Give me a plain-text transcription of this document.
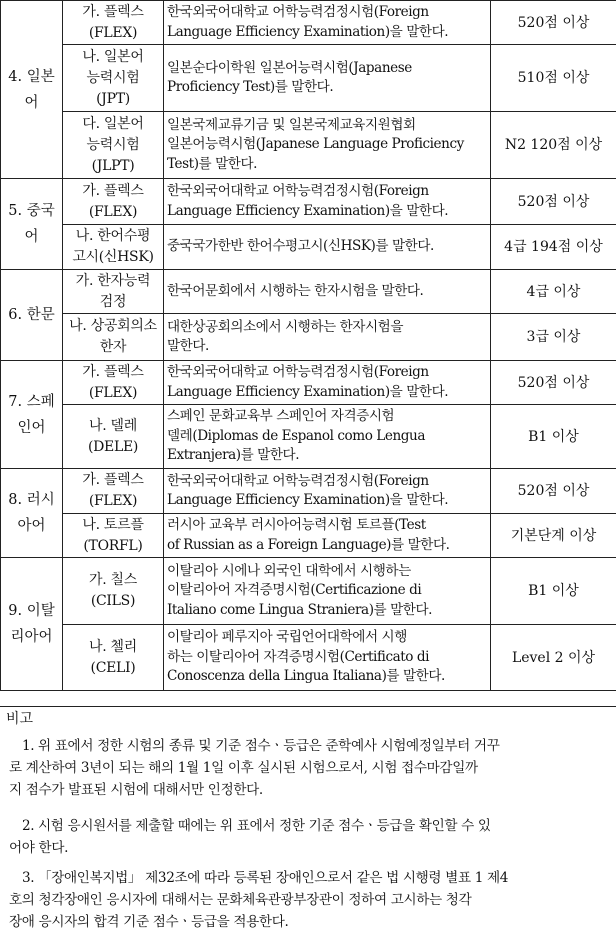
4. 일본
어	가. 플렉스
(FLEX)	한국외국어대학교 어학능력검정시험(Foreign
Language Efficiency Examination)을 말한다.	520점 이상

	나. 일본어
능력시험
(JPT)	일본순다이학원 일본어능력시험(Japanese
Proficiency Test)를 말한다.	510점 이상

	다. 일본어
능력시험
(JLPT)	일본국제교류기금 및 일본국제교육지원협회
일본어능력시험(Japanese Language Proficiency
Test)를 말한다.	N2 120점 이상

5. 중국
어	가. 플렉스
(FLEX)	한국외국어대학교 어학능력검정시험(Foreign
Language Efficiency Examination)을 말한다.	520점 이상

	나. 한어수평
고시(신HSK)	중국국가한반 한어수평고시(신HSK)를 말한다.	4급 194점 이상

6. 한문	가. 한자능력
검정	한국어문회에서 시행하는 한자시험을 말한다.	4급 이상

	나. 상공회의소
한자	대한상공회의소에서 시행하는 한자시험을
말한다.	3급 이상

7. 스페
인어	가. 플렉스
(FLEX)	한국외국어대학교 어학능력검정시험(Foreign
Language Efficiency Examination)을 말한다.	520점 이상

	나. 델레
(DELE)	스페인 문화교육부 스페인어 자격증시험
델레(Diplomas de Espanol como Lengua
Extranjera)를 말한다.	B1 이상

8. 러시
아어	가. 플렉스
(FLEX)	한국외국어대학교 어학능력검정시험(Foreign
Language Efficiency Examination)을 말한다.	520점 이상

	나. 토르플
(TORFL)	러시아 교육부 러시아어능력시험 토르플(Test
of Russian as a Foreign Language)를 말한다.	기본단계 이상

9. 이탈
리아어	가. 칠스
(CILS)	이탈리아 시에나 외국인 대학에서 시행하는
이탈리아어 자격증명시험(Certificazione di
Italiano come Lingua Straniera)를 말한다.	B1 이상

	나. 첼리
(CELI)	이탈리아 페루지아 국립언어대학에서 시행
하는 이탈리아어 자격증명시험(Certificato di
Conoscenza della Lingua Italiana)를 말한다.	Level 2 이상
비고
1. 위 표에서 정한 시험의 종류 및 기준 점수ㆍ등급은 준학예사 시험예정일부터 거꾸
로 계산하여 3년이 되는 해의 1월 1일 이후 실시된 시험으로서, 시험 접수마감일까
지 점수가 발표된 시험에 대해서만 인정한다.
2. 시험 응시원서를 제출할 때에는 위 표에서 정한 기준 점수ㆍ등급을 확인할 수 있
어야 한다.
3. 「장애인복지법」 제32조에 따라 등록된 장애인으로서 같은 법 시행령 별표 1 제4
호의 청각장애인 응시자에 대해서는 문화체육관광부장관이 정하여 고시하는 청각
장애 응시자의 합격 기준 점수ㆍ등급을 적용한다.
